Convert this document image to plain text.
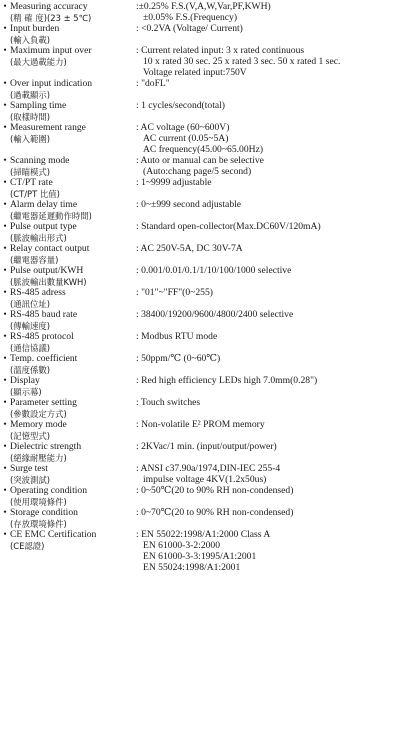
• Measuring accuracy
(精 確 度)(23 ± 5℃)
:±0.25% F.S.(V,A,W,Var,PF,KWH)
±0.05% F.S.(Frequency)
• Input burden
(輸入負載)
: <0.2VA (Voltage/ Current)
• Maximum input over
(最大過載能力)
: Current related input: 3 x rated continuous
10 x rated 30 sec. 25 x rated 3 sec. 50 x rated 1 sec.
Voltage related input:750V
• Over input indication
(過載顯示)
: "doFL"
• Sampling time
(取樣時間)
: 1 cycles/second(total)
• Measurement range
(輸入範圍)
: AC voltage (60~600V)
AC current (0.05~5A)
AC frequency(45.00~65.00Hz)
• Scanning mode
(掃瞄模式)
: Auto or manual can be selective
(Auto:chang page/5 second)
• CT/PT rate
(CT/PT 比值)
: 1~9999 adjustable
• Alarm delay time
(繼電器延遲動作時間)
: 0~±999 second adjustable
• Pulse output type
(脈波輸出形式)
: Standard open-collector(Max.DC60V/120mA)
• Relay contact output
(繼電器容量)
: AC 250V-5A, DC 30V-7A
• Pulse output/KWH
(脈波輸出數量KWH)
: 0.001/0.01/0.1/1/10/100/1000 selective
• RS-485 adress
(通訊位址)
: "01"~"FF"(0~255)
• RS-485 baud rate
(傳輸速度)
: 38400/19200/9600/4800/2400 selective
• RS-485 protocol
(通信協議)
: Modbus RTU mode
• Temp. coefficient
(溫度係數)
: 50ppm/℃ (0~60℃)
• Display
(顯示幕)
: Red high efficiency LEDs high 7.0mm(0.28")
• Parameter setting
(參數設定方式)
: Touch switches
• Memory mode
(記憶型式)
: Non-volatile E² PROM memory
• Dielectric strength
(絕緣耐壓能力)
: 2KVac/1 min. (input/output/power)
• Surge test
(突波測試)
: ANSI c37.90a/1974,DIN-IEC 255-4
impulse voltage 4KV(1.2x50us)
• Operating condition
(使用環境條件)
: 0~50℃(20 to 90% RH non-condensed)
• Storage condition
(存放環境條件)
: 0~70℃(20 to 90% RH non-condensed)
• CE EMC Certification
(CE認證)
: EN 55022:1998/A1:2000 Class A
EN 61000-3-2:2000
EN 61000-3-3:1995/A1:2001
EN 55024:1998/A1:2001
